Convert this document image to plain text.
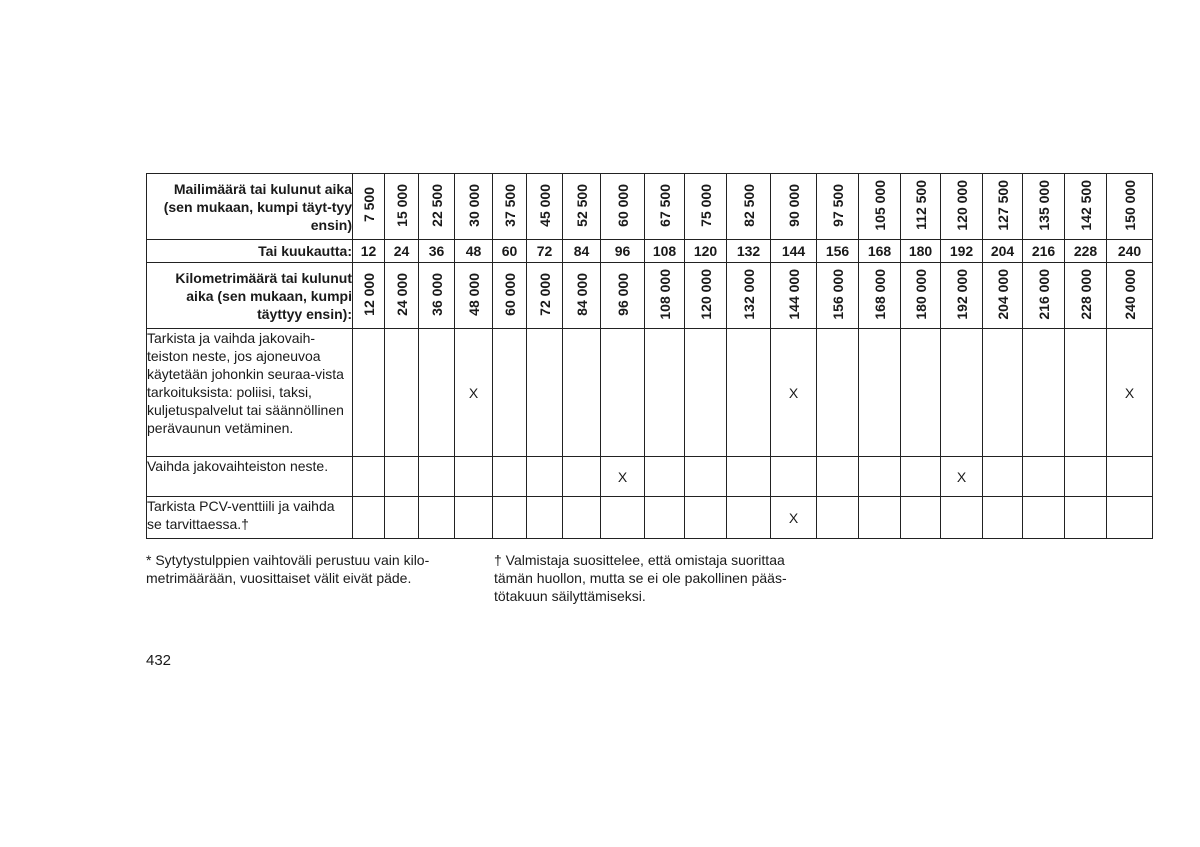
Mailimäärä tai kulunut aika (sen mukaan, kumpi täyt-tyy ensin)	7 500	15 000	22 500	30 000	37 500	45 000	52 500	60 000	67 500	75 000	82 500	90 000	97 500	105 000	112 500	120 000	127 500	135 000	142 500	150 000
Tai kuukautta:	12	24	36	48	60	72	84	96	108	120	132	144	156	168	180	192	204	216	228	240
Kilometrimäärä tai kulunut aika (sen mukaan, kumpi täyttyy ensin):	12 000	24 000	36 000	48 000	60 000	72 000	84 000	96 000	108 000	120 000	132 000	144 000	156 000	168 000	180 000	192 000	204 000	216 000	228 000	240 000
Tarkista ja vaihda jakovaih-teiston neste, jos ajoneuvoa käytetään johonkin seuraa-vista tarkoituksista: poliisi, taksi, kuljetuspalvelut tai säännöllinen perävaunun vetäminen.				X								X								X
Vaihda jakovaihteiston neste.								X								X				
Tarkista PCV-venttiili ja vaihda se tarvittaessa.†												X								
* Sytytystulppien vaihtoväli perustuu vain kilo-metrimäärään, vuosittaiset välit eivät päde.
† Valmistaja suosittelee, että omistaja suorittaa tämän huollon, mutta se ei ole pakollinen pääs-tötakuun säilyttämiseksi.
432
